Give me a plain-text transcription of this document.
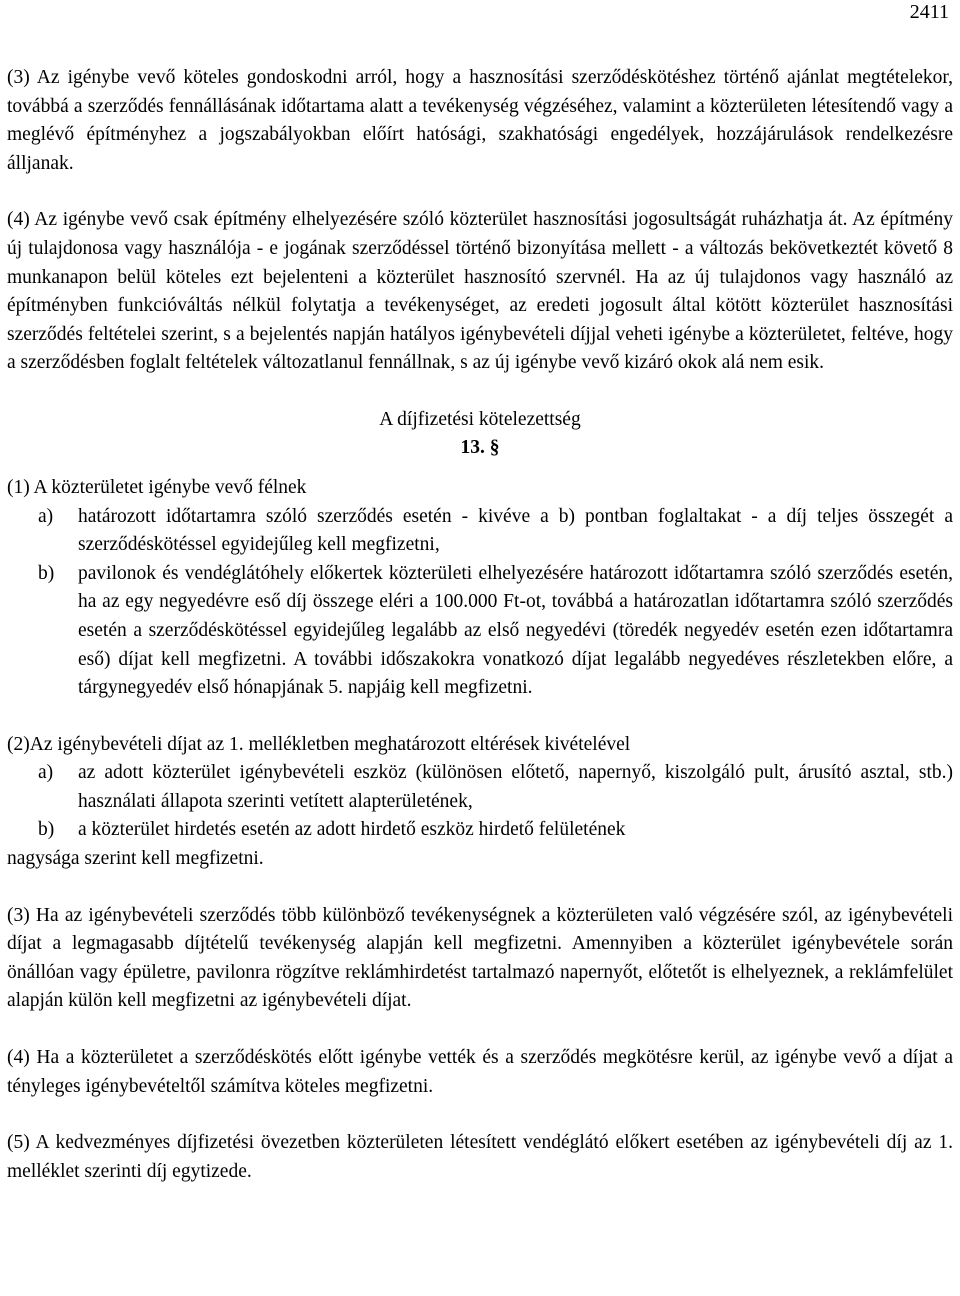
2411

(3) Az igénybe vevő köteles gondoskodni arról, hogy a hasznosítási szerződéskötéshez történő ajánlat megtételekor, továbbá a szerződés fennállásának időtartama alatt a tevékenység végzéséhez, valamint a közterületen létesítendő vagy a meglévő építményhez a jogszabályokban előírt hatósági, szakhatósági engedélyek, hozzájárulások rendelkezésre álljanak.

(4) Az igénybe vevő csak építmény elhelyezésére szóló közterület hasznosítási jogosultságát ruházhatja át. Az építmény új tulajdonosa vagy használója - e jogának szerződéssel történő bizonyítása mellett - a változás bekövetkeztét követő 8 munkanapon belül köteles ezt bejelenteni a közterület hasznosító szervnél. Ha az új tulajdonos vagy használó az építményben funkcióváltás nélkül folytatja a tevékenységet, az eredeti jogosult által kötött közterület hasznosítási szerződés feltételei szerint, s a bejelentés napján hatályos igénybevételi díjjal veheti igénybe a közterületet, feltéve, hogy a szerződésben foglalt feltételek változatlanul fennállnak, s az új igénybe vevő kizáró okok alá nem esik.

A díjfizetési kötelezettség
13. §

(1) A közterületet igénybe vevő félnek

a)	határozott időtartamra szóló szerződés esetén - kivéve a b) pontban foglaltakat - a díj teljes összegét a szerződéskötéssel egyidejűleg kell megfizetni,
b)	pavilonok és vendéglátóhely előkertek közterületi elhelyezésére határozott időtartamra szóló szerződés esetén, ha az egy negyedévre eső díj összege eléri a 100.000 Ft-ot, továbbá a határozatlan időtartamra szóló szerződés esetén a szerződéskötéssel egyidejűleg legalább az első negyedévi (töredék negyedév esetén ezen időtartamra eső) díjat kell megfizetni. A további időszakokra vonatkozó díjat legalább negyedéves részletekben előre, a tárgynegyedév első hónapjának 5. napjáig kell megfizetni.

(2)Az igénybevételi díjat az 1. mellékletben meghatározott eltérések kivételével

a)	az adott közterület igénybevételi eszköz (különösen előtető, napernyő, kiszolgáló pult, árusító asztal, stb.) használati állapota szerinti vetített alapterületének,
b)	a közterület hirdetés esetén az adott hirdető eszköz hirdető felületének

nagysága szerint kell megfizetni.

(3) Ha az igénybevételi szerződés több különböző tevékenységnek a közterületen való végzésére szól, az igénybevételi díjat a legmagasabb díjtételű tevékenység alapján kell megfizetni. Amennyiben a közterület igénybevétele során önállóan vagy épületre, pavilonra rögzítve reklámhirdetést tartalmazó napernyőt, előtetőt is elhelyeznek, a reklámfelület alapján külön kell megfizetni az igénybevételi díjat.

(4) Ha a közterületet a szerződéskötés előtt igénybe vették és a szerződés megkötésre kerül, az igénybe vevő a díjat a tényleges igénybevételtől számítva köteles megfizetni.

(5) A kedvezményes díjfizetési övezetben közterületen létesített vendéglátó előkert esetében az igénybevételi díj az 1. melléklet szerinti díj egytizede.
